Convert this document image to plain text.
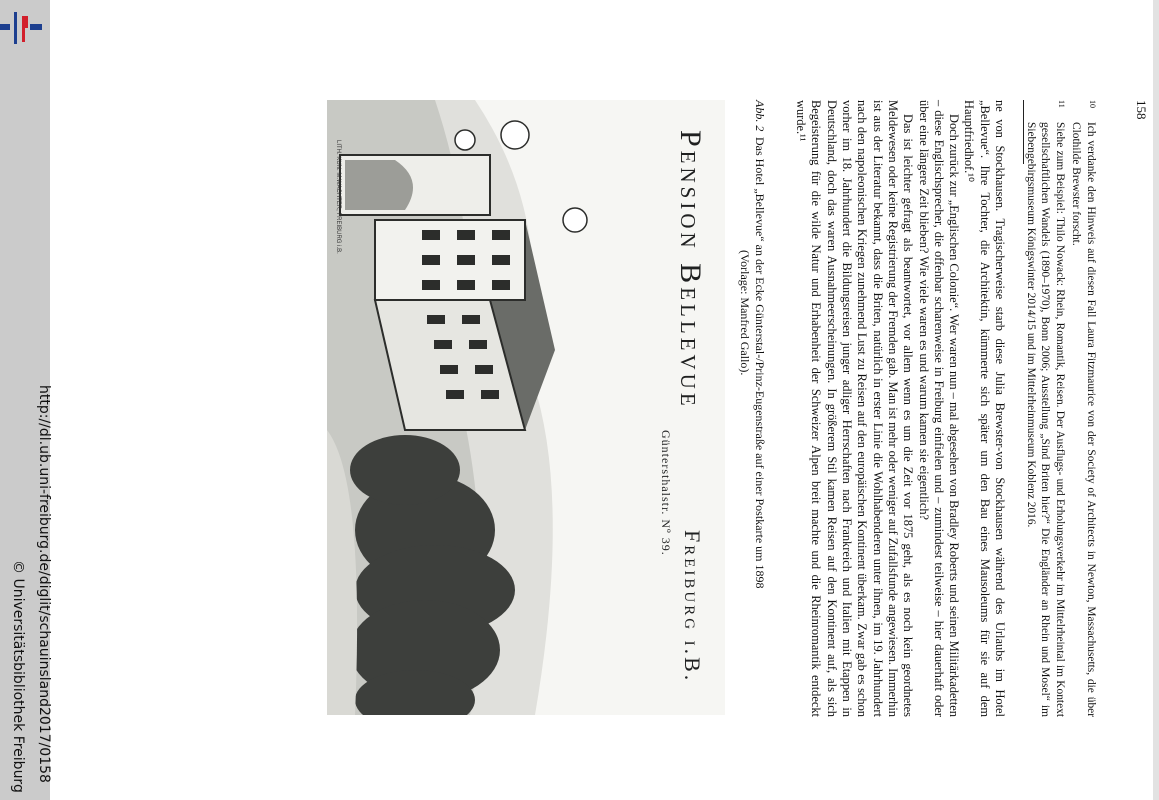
158
10
Ich verdanke den Hinweis auf diesen Fall Laura Fitzmaurice von der Society of Architects in Newton, Massachusetts, die über Clothilde Brewster forscht.
11
Siehe zum Beispiel: Thilo Nowack: Rhein, Romantik, Reisen. Der Ausflugs- und Erholungsverkehr im Mittelrheintal im Kontext gesellschaftlichen Wandels (1890–1970), Bonn 2006; Ausstellung „Sind Briten hier?“ Die Engländer an Rhein und Mosel“ im Siebengebirgsmuseum Königswinter 2014/15 und im Mittelrheinmuseum Koblenz 2016.

ne von Stockhausen. Tragischerweise starb diese Julia Brewster-von Stockhausen während des Urlaubs im Hotel „Bellevue“. Ihre Tochter, die Architektin, kümmerte sich später um den Bau eines Mausoleums für sie auf dem Hauptfriedhof.¹⁰

Doch zurück zur „Englischen Colonie“. Wer waren nun – mal abgesehen von Bradley Roberts und seinen Militärkadetten – diese Englischsprecher, die offenbar scharenweise in Freiburg einfielen und – zumindest teilweise – hier dauerhaft oder über eine längere Zeit blieben? Wie viele waren es und warum kamen sie eigentlich?

Das ist leichter gefragt als beantwortet, vor allem wenn es um die Zeit vor 1875 geht, als es noch kein geordnetes Meldewesen oder keine Registrierung der Fremden gab. Man ist mehr oder weniger auf Zufallsfunde angewiesen. Immerhin ist aus der Literatur bekannt, dass die Briten, natürlich in erster Linie die Wohlhabenderen unter ihnen, im 19. Jahrhundert nach den napoleonischen Kriegen zunehmend Lust zu Reisen auf den europäischen Kontinent überkam. Zwar gab es schon vorher im 18. Jahrhundert die Bildungsreisen junger adliger Herrschaften nach Frankreich und Italien mit Etappen in Deutschland, doch das waren Ausnahmeerscheinungen. In größerem Stil kamen Reisen auf den Kontinent auf, als sich Begeisterung für die wilde Natur und Erhabenheit der Schweizer Alpen breit machte und die Rheinromantik entdeckt wurde.¹¹

Abb. 2 Das Hotel „Bellevue“ an der Ecke Günterstal-/Prinz-Eugenstraße auf einer Postkarte um 1898
(Vorlage: Manfred Gallo).
Pension Bellevue
Freiburg i.B.
Güntersthalstr. Nº 39.
LITH. KUN. M.WACHTER, FREIBURG i.B.
http://dl.ub.uni-freiburg.de/diglit/schauinsland2017/0158
© Universitätsbibliothek Freiburg
